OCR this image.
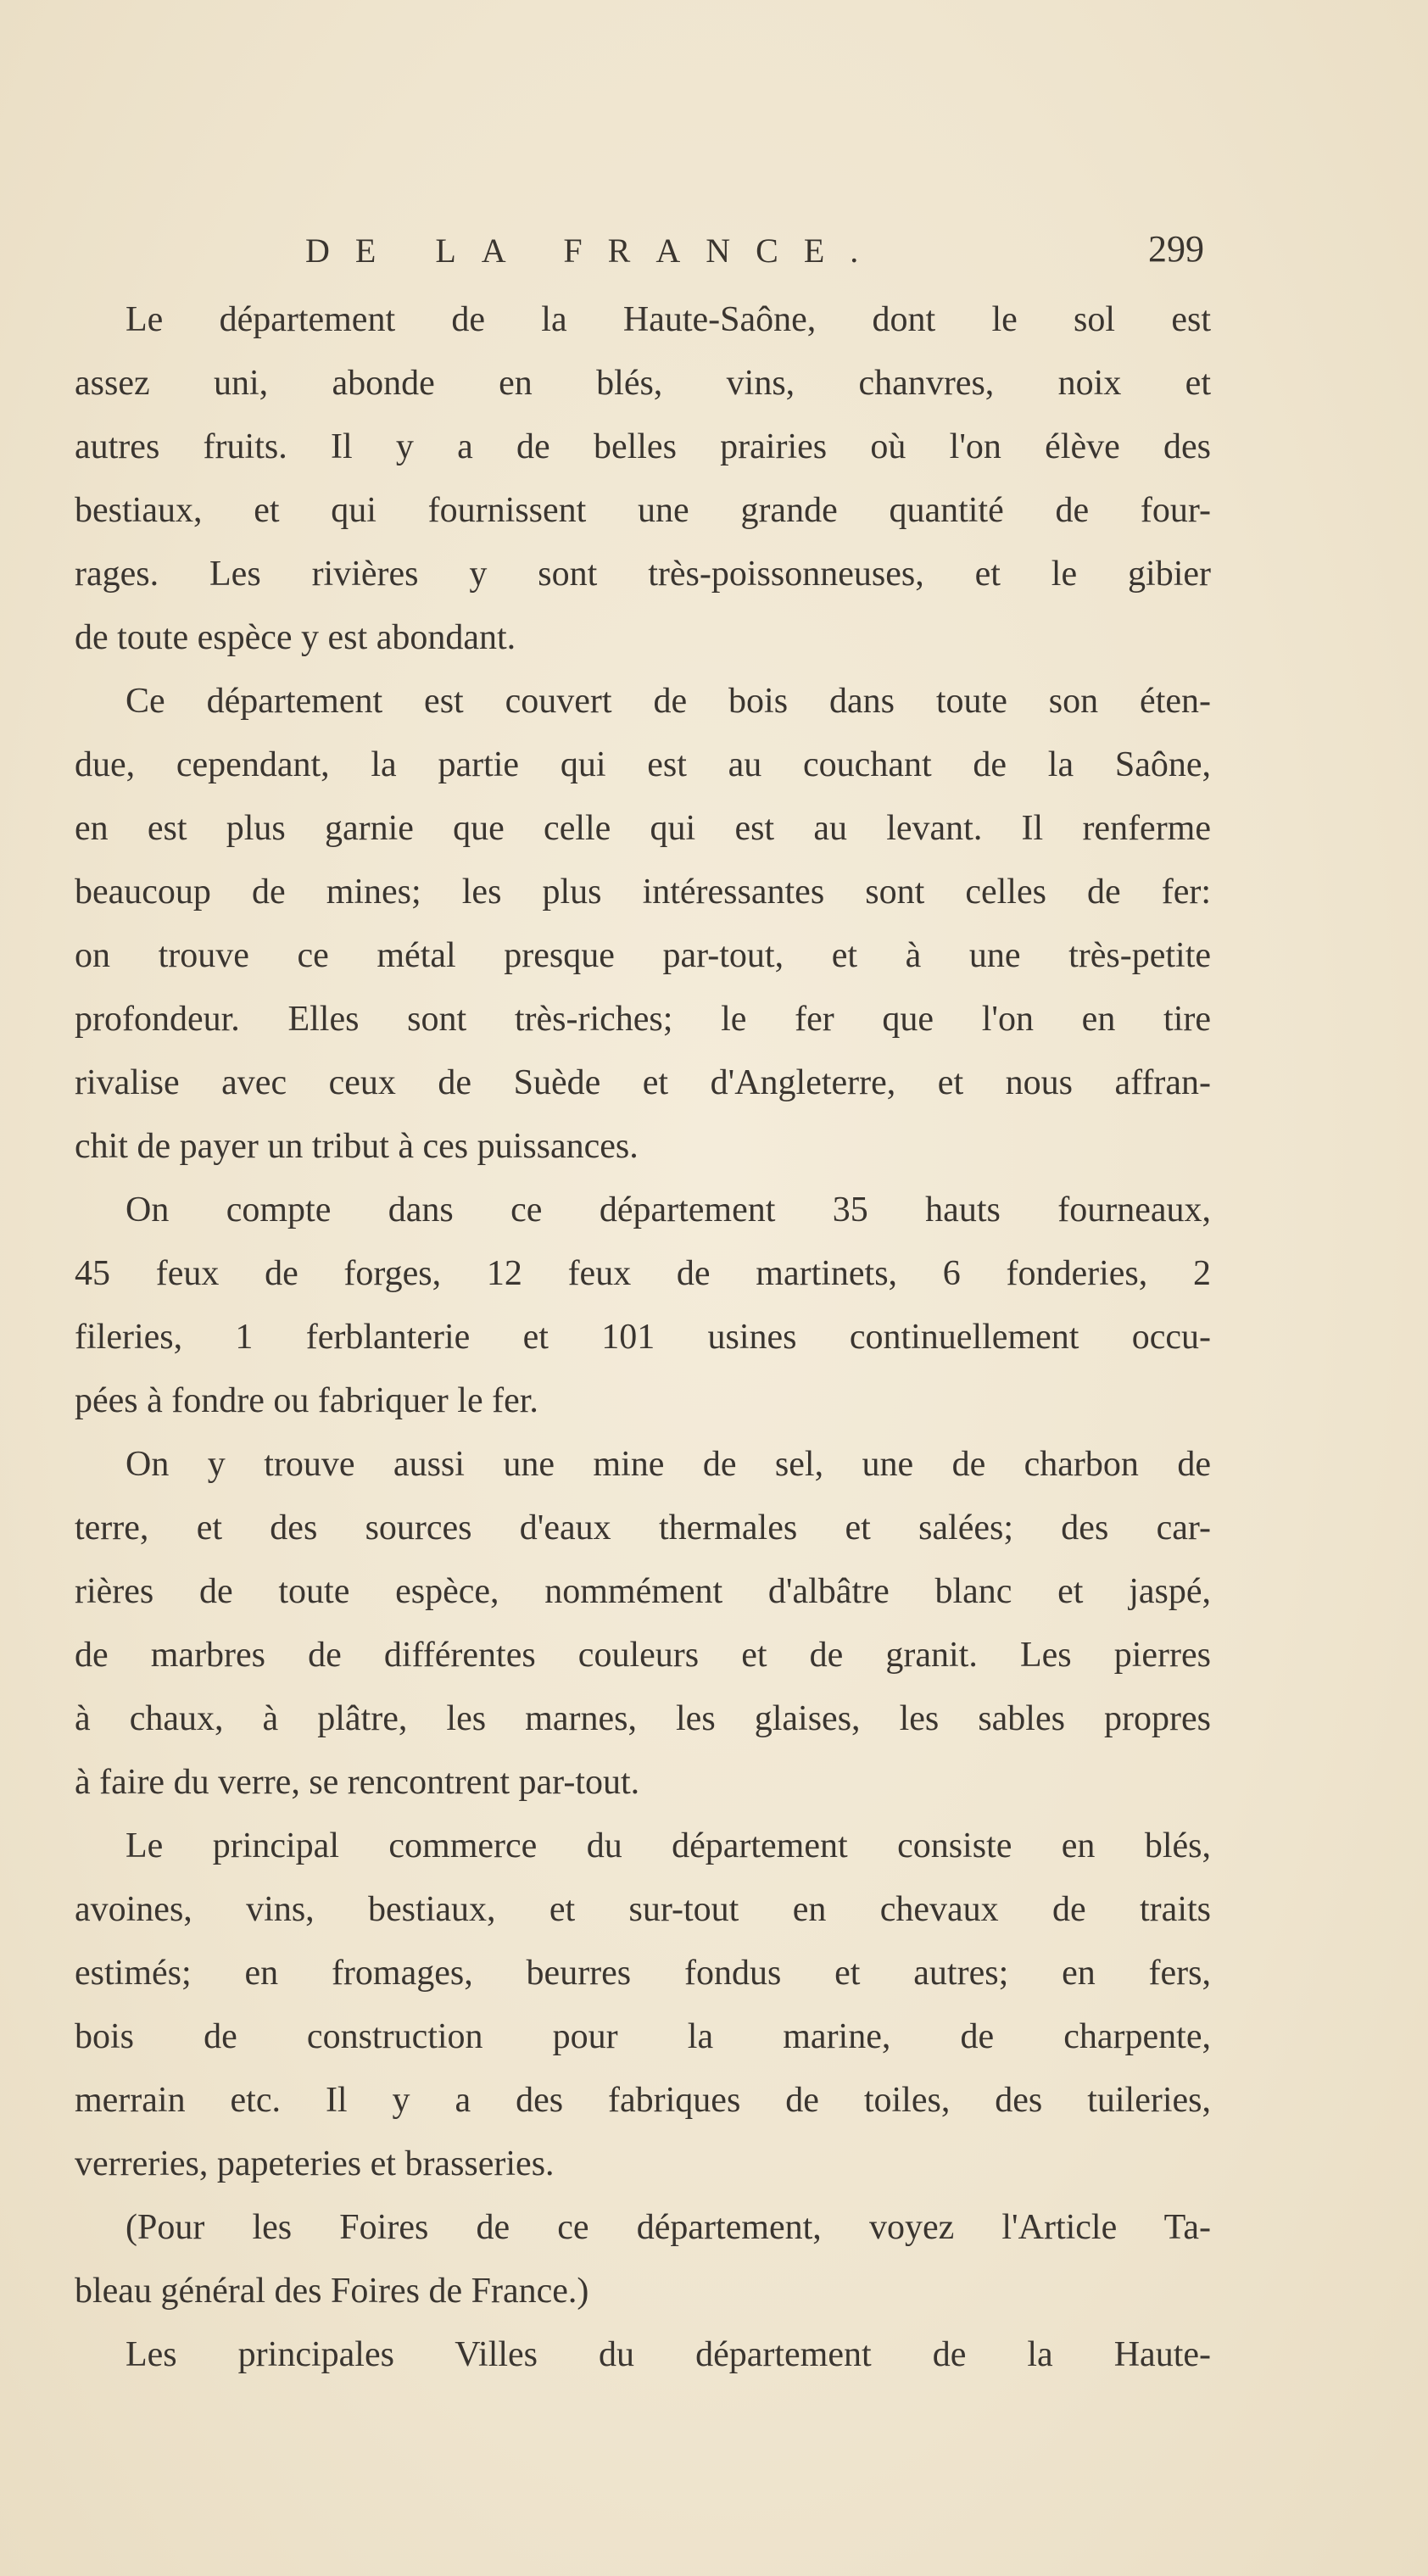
DE LA FRANCE.	299
Le département de la Haute-Saône, dont le sol est
assez uni, abonde en blés, vins, chanvres, noix et
autres fruits. Il y a de belles prairies où l'on élève des
bestiaux, et qui fournissent une grande quantité de four-
rages. Les rivières y sont très-poissonneuses, et le gibier
de toute espèce y est abondant.
Ce département est couvert de bois dans toute son éten-
due, cependant, la partie qui est au couchant de la Saône,
en est plus garnie que celle qui est au levant. Il renferme
beaucoup de mines; les plus intéressantes sont celles de fer:
on trouve ce métal presque par-tout, et à une très-petite
profondeur. Elles sont très-riches; le fer que l'on en tire
rivalise avec ceux de Suède et d'Angleterre, et nous affran-
chit de payer un tribut à ces puissances.
On compte dans ce département 35 hauts fourneaux,
45 feux de forges, 12 feux de martinets, 6 fonderies, 2
fileries, 1 ferblanterie et 101 usines continuellement occu-
pées à fondre ou fabriquer le fer.
On y trouve aussi une mine de sel, une de charbon de
terre, et des sources d'eaux thermales et salées; des car-
rières de toute espèce, nommément d'albâtre blanc et jaspé,
de marbres de différentes couleurs et de granit. Les pierres
à chaux, à plâtre, les marnes, les glaises, les sables propres
à faire du verre, se rencontrent par-tout.
Le principal commerce du département consiste en blés,
avoines, vins, bestiaux, et sur-tout en chevaux de traits
estimés; en fromages, beurres fondus et autres; en fers,
bois de construction pour la marine, de charpente,
merrain etc. Il y a des fabriques de toiles, des tuileries,
verreries, papeteries et brasseries.
(Pour les Foires de ce département, voyez l'Article Ta-
bleau général des Foires de France.)
Les principales Villes du département de la Haute-
